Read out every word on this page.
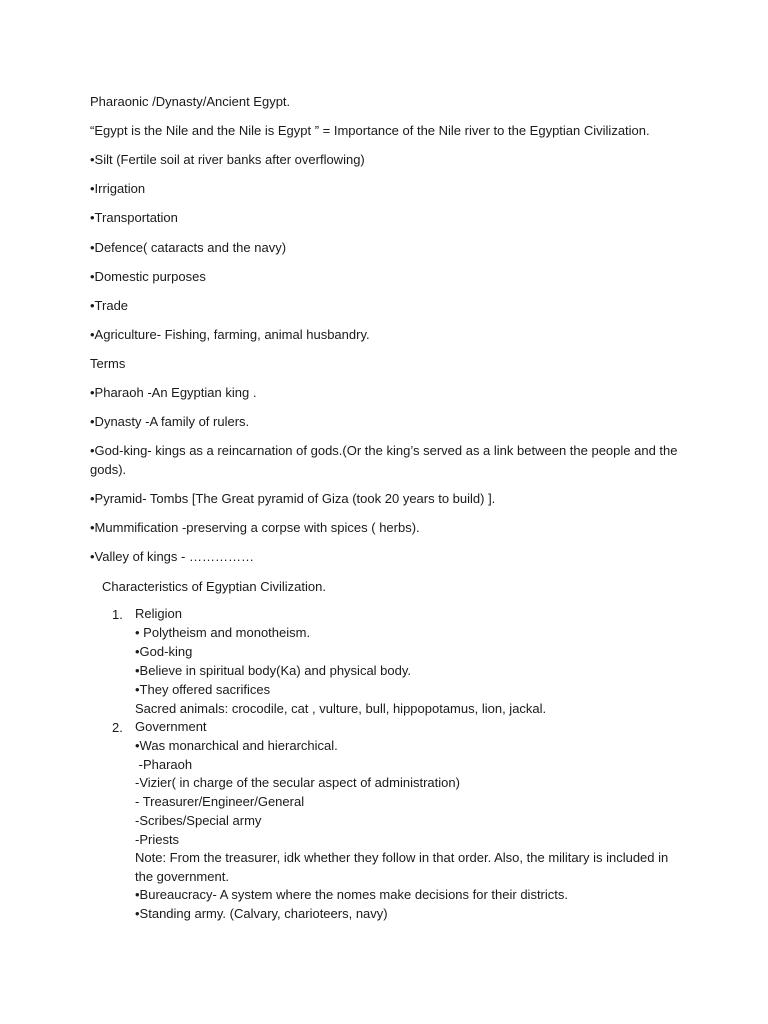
Pharaonic /Dynasty/Ancient Egypt.
“Egypt is the Nile and the Nile is Egypt ” = Importance of the Nile river to the Egyptian Civilization.
•Silt (Fertile soil at river banks after overflowing)
•Irrigation
•Transportation
•Defence( cataracts and the navy)
•Domestic purposes
•Trade
•Agriculture- Fishing, farming, animal husbandry.
Terms
•Pharaoh -An Egyptian king .
•Dynasty -A family of rulers.
•God-king- kings as a reincarnation of gods.(Or the king’s served as a link between the people and the gods).
•Pyramid- Tombs [The Great pyramid of Giza (took 20 years to build) ].
•Mummification -preserving a corpse with spices ( herbs).
•Valley of kings - ……………
Characteristics of Egyptian Civilization.
1. Religion
• Polytheism and monotheism.
•God-king
•Believe in spiritual body(Ka) and physical body.
•They offered sacrifices
Sacred animals: crocodile, cat , vulture, bull, hippopotamus, lion, jackal.
2. Government
•Was monarchical and hierarchical.
-Pharaoh
-Vizier( in charge of the secular aspect of administration)
- Treasurer/Engineer/General
-Scribes/Special army
-Priests
Note: From the treasurer, idk whether they follow in that order. Also, the military is included in the government.
•Bureaucracy- A system where the nomes make decisions for their districts.
•Standing army. (Calvary, charioteers, navy)
